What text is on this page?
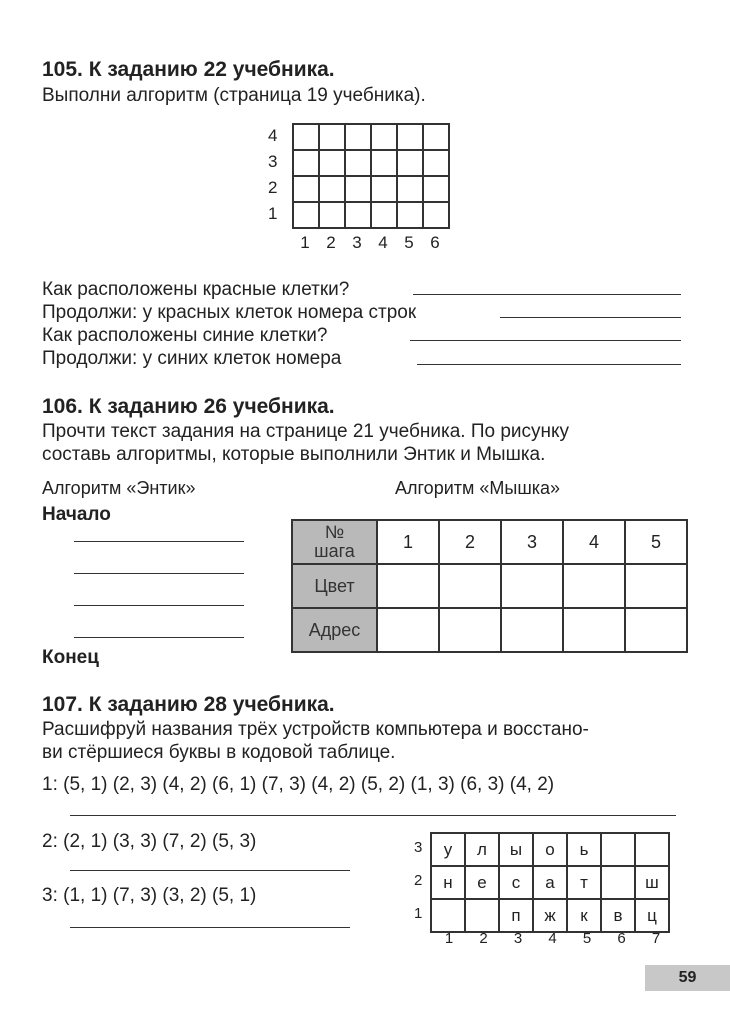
105. К заданию 22 учебника.
Выполни алгоритм (страница 19 учебника).

4
3
2
1
1 2 3 4 5 6
Как расположены красные клетки?
Продолжи: у красных клеток номера строк
Как расположены синие клетки?
Продолжи: у синих клеток номера
106. К заданию 26 учебника.
Прочти текст задания на странице 21 учебника. По рисунку
составь алгоритмы, которые выполнили Энтик и Мышка.
Алгоритм «Энтик»	Алгоритм «Мышка»
Начало
Конец
№
шага	1	2	3	4	5
Цвет					
Адрес					
107. К заданию 28 учебника.
Расшифруй названия трёх устройств компьютера и восстано-
ви стёршиеся буквы в кодовой таблице.
1: (5, 1) (2, 3) (4, 2) (6, 1) (7, 3) (4, 2) (5, 2) (1, 3) (6, 3) (4, 2)
2: (2, 1) (3, 3) (7, 2) (5, 3)
3: (1, 1) (7, 3) (3, 2) (5, 1)
у	л	ы	о	ь		
н	е	с	а	т		ш
		п	ж	к	в	ц
3
2
1
1	2	3	4	5	6	7
59
